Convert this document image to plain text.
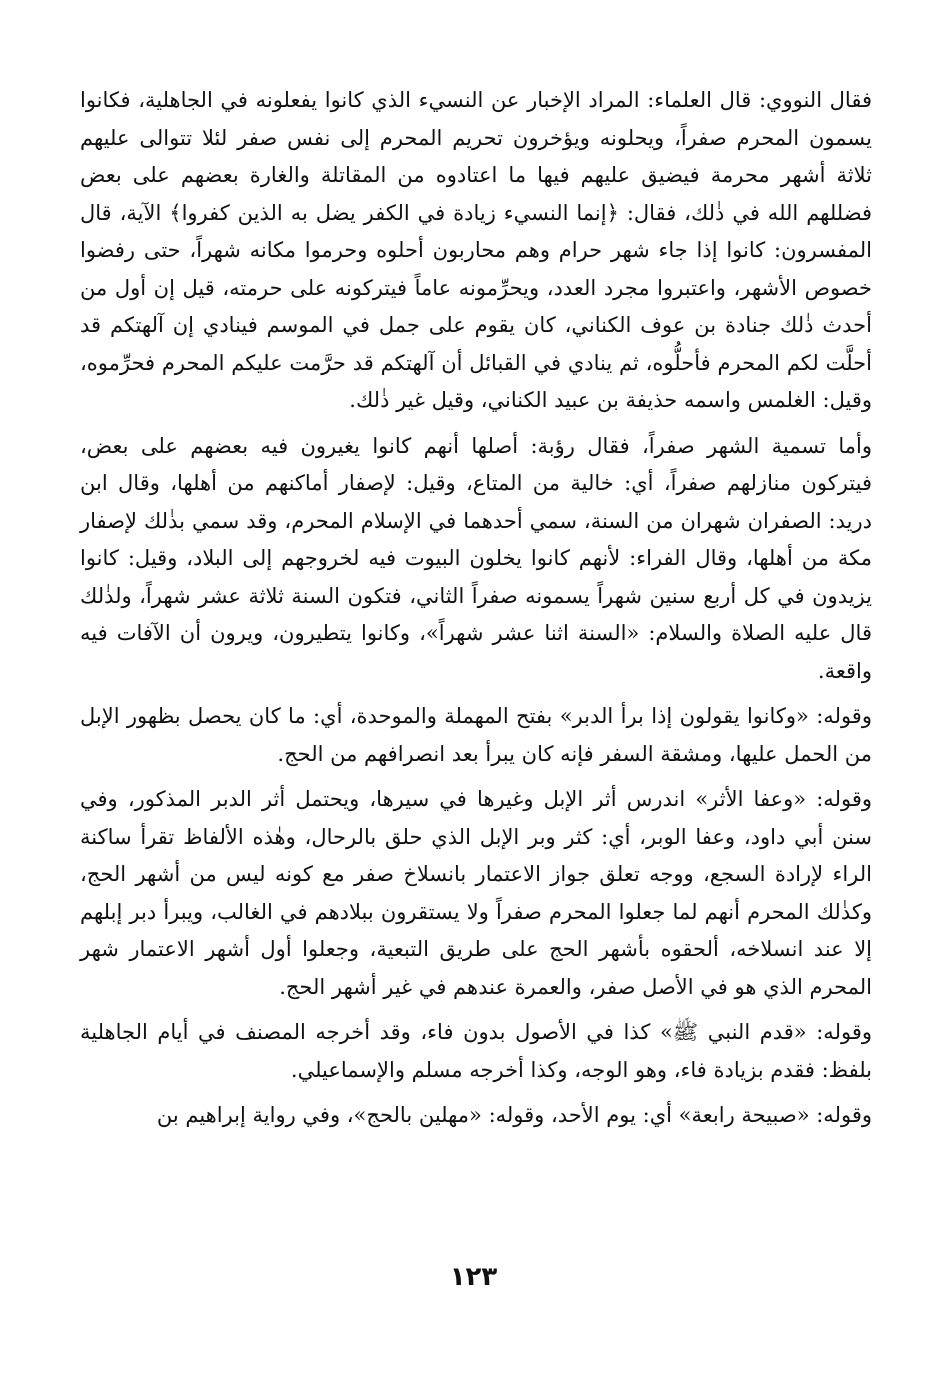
فقال النووي: قال العلماء: المراد الإخبار عن النسيء الذي كانوا يفعلونه في الجاهلية، فكانوا يسمون المحرم صفراً، ويحلونه ويؤخرون تحريم المحرم إلى نفس صفر لئلا تتوالى عليهم ثلاثة أشهر محرمة فيضيق عليهم فيها ما اعتادوه من المقاتلة والغارة بعضهم على بعض فضللهم الله في ذٰلك، فقال: ﴿إنما النسيء زيادة في الكفر يضل به الذين كفروا﴾ الآية، قال المفسرون: كانوا إذا جاء شهر حرام وهم محاربون أحلوه وحرموا مكانه شهراً، حتى رفضوا خصوص الأشهر، واعتبروا مجرد العدد، ويحرِّمونه عاماً فيتركونه على حرمته، قيل إن أول من أحدث ذٰلك جنادة بن عوف الكناني، كان يقوم على جمل في الموسم فينادي إن آلهتكم قد أحلَّت لكم المحرم فأحلُّوه، ثم ينادي في القبائل أن آلهتكم قد حرَّمت عليكم المحرم فحرِّموه، وقيل: الغلمس واسمه حذيفة بن عبيد الكناني، وقيل غير ذٰلك.

وأما تسمية الشهر صفراً، فقال رؤبة: أصلها أنهم كانوا يغيرون فيه بعضهم على بعض، فيتركون منازلهم صفراً، أي: خالية من المتاع، وقيل: لإصفار أماكنهم من أهلها، وقال ابن دريد: الصفران شهران من السنة، سمي أحدهما في الإسلام المحرم، وقد سمي بذٰلك لإصفار مكة من أهلها، وقال الفراء: لأنهم كانوا يخلون البيوت فيه لخروجهم إلى البلاد، وقيل: كانوا يزيدون في كل أربع سنين شهراً يسمونه صفراً الثاني، فتكون السنة ثلاثة عشر شهراً، ولذٰلك قال عليه الصلاة والسلام: «السنة اثنا عشر شهراً»، وكانوا يتطيرون، ويرون أن الآفات فيه واقعة.

وقوله: «وكانوا يقولون إذا برأ الدبر» بفتح المهملة والموحدة، أي: ما كان يحصل بظهور الإبل من الحمل عليها، ومشقة السفر فإنه كان يبرأ بعد انصرافهم من الحج.

وقوله: «وعفا الأثر» اندرس أثر الإبل وغيرها في سيرها، ويحتمل أثر الدبر المذكور، وفي سنن أبي داود، وعفا الوبر، أي: كثر وبر الإبل الذي حلق بالرحال، وهٰذه الألفاظ تقرأ ساكنة الراء لإرادة السجع، ووجه تعلق جواز الاعتمار بانسلاخ صفر مع كونه ليس من أشهر الحج، وكذٰلك المحرم أنهم لما جعلوا المحرم صفراً ولا يستقرون ببلادهم في الغالب، ويبرأ دبر إبلهم إلا عند انسلاخه، ألحقوه بأشهر الحج على طريق التبعية، وجعلوا أول أشهر الاعتمار شهر المحرم الذي هو في الأصل صفر، والعمرة عندهم في غير أشهر الحج.

وقوله: «قدم النبي ﷺ» كذا في الأصول بدون فاء، وقد أخرجه المصنف في أيام الجاهلية بلفظ: فقدم بزيادة فاء، وهو الوجه، وكذا أخرجه مسلم والإسماعيلي.

وقوله: «صبيحة رابعة» أي: يوم الأحد، وقوله: «مهلين بالحج»، وفي رواية إبراهيم بن

١٢٣
